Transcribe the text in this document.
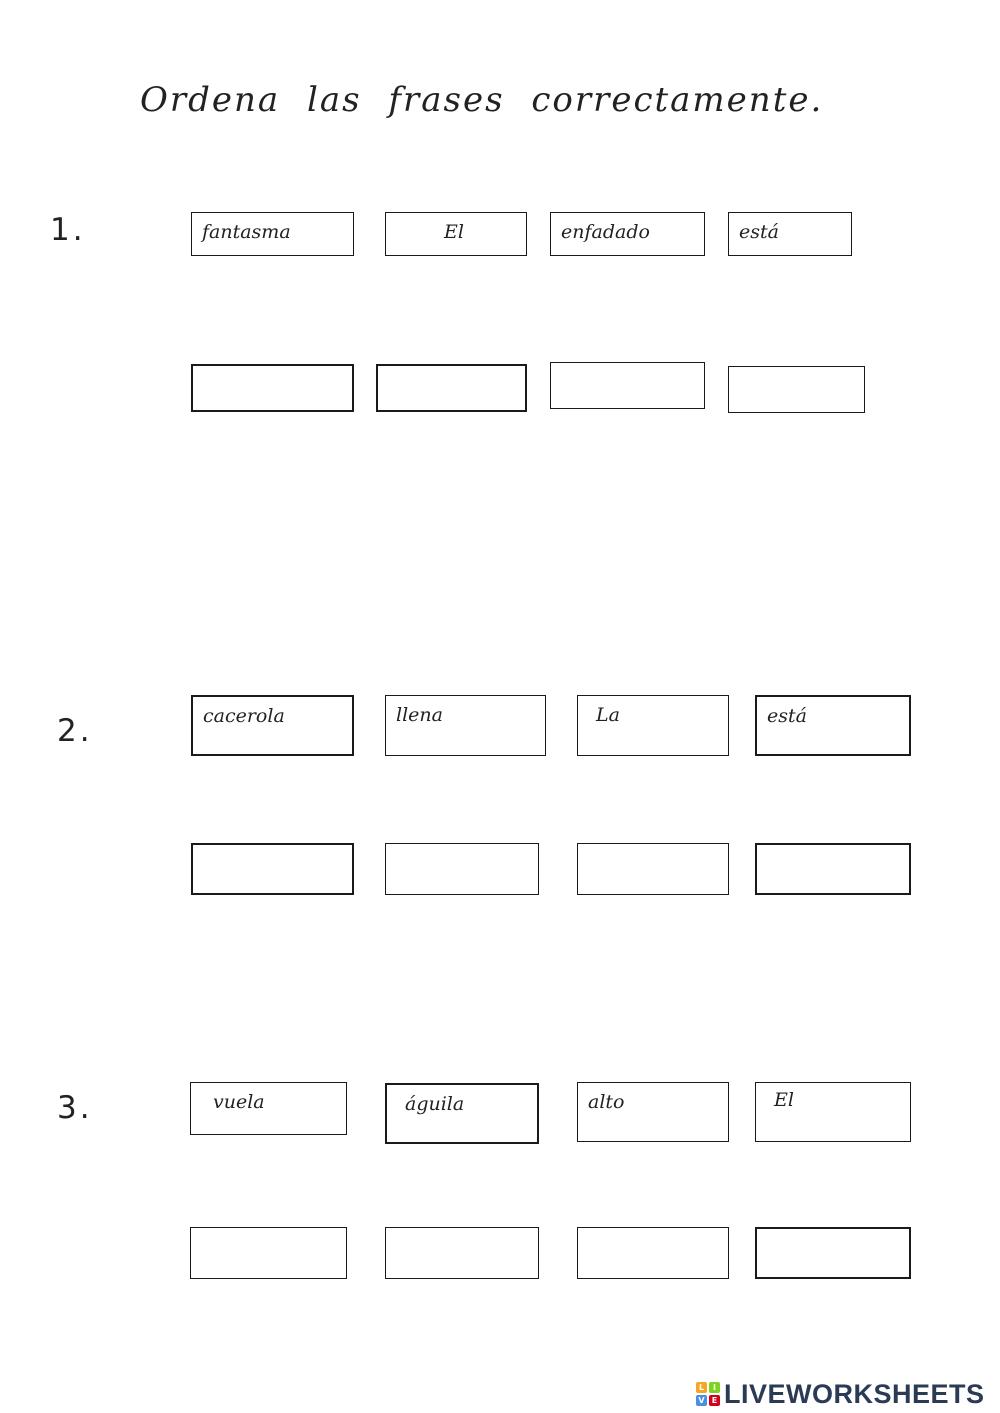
Ordena las frases correctamente.
1.	fantasma	El	enfadado	está
2.	cacerola	llena	La	está
3.	vuela	águila	alto	El
L	I
V E LIVEWORKSHEETS
